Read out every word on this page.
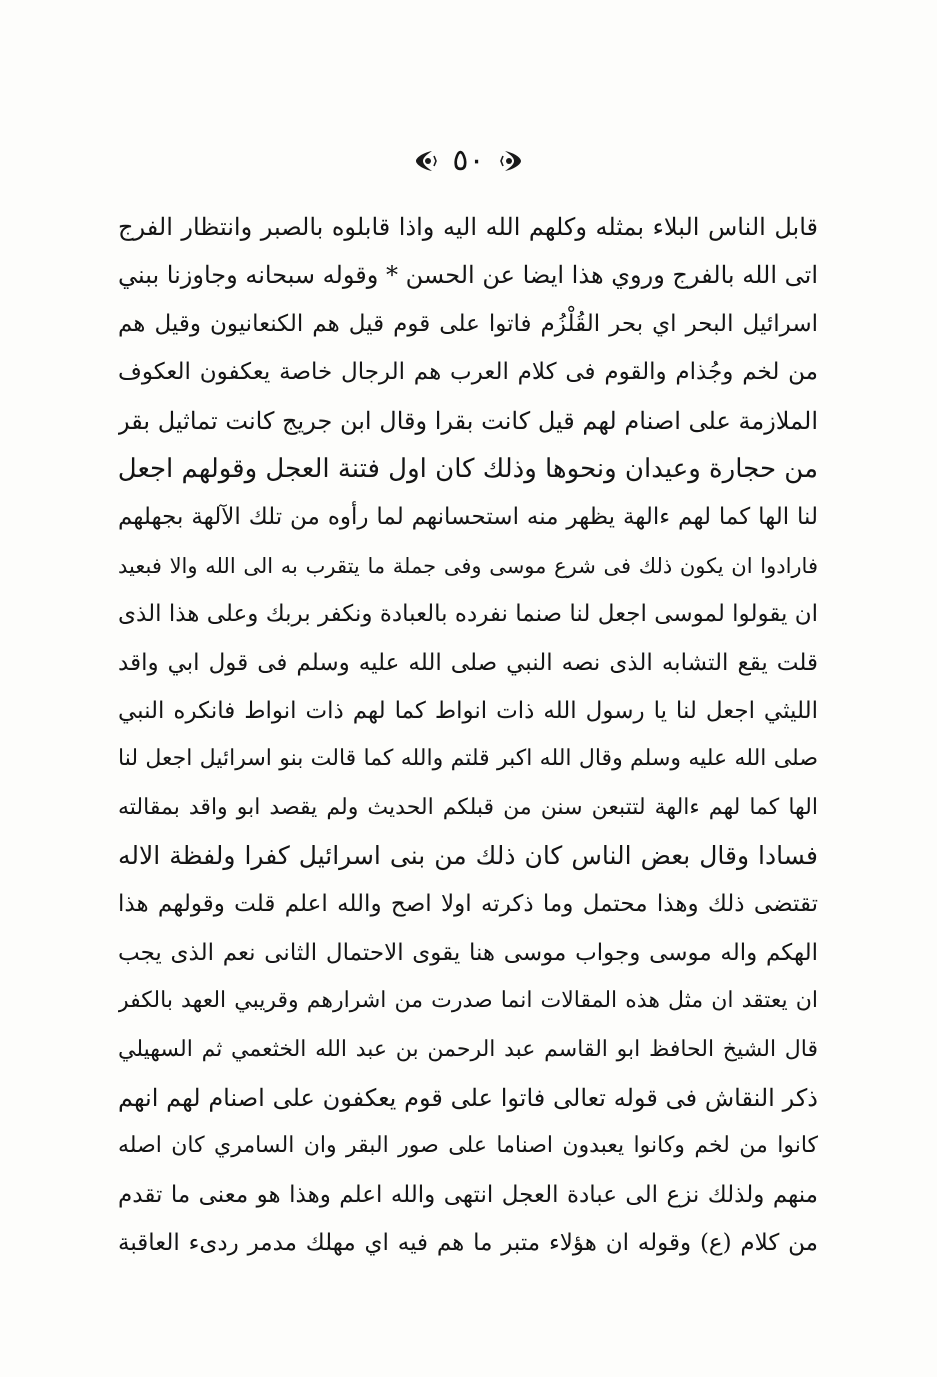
٥٠
قابل الناس البلاء بمثله وكلهم الله اليه واذا قابلوه بالصبر وانتظار الفرج
اتى الله بالفرج وروي هذا ايضا عن الحسن * وقوله سبحانه وجاوزنا ببني
اسرائيل البحر اي بحر القُلْزُم فاتوا على قوم قيل هم الكنعانيون وقيل هم
من لخم وجُذام والقوم فى كلام العرب هم الرجال خاصة يعكفون العكوف
الملازمة على اصنام لهم قيل كانت بقرا وقال ابن جريج كانت تماثيل بقر
من حجارة وعيدان ونحوها وذلك كان اول فتنة العجل وقولهم اجعل
لنا الها كما لهم ءالهة يظهر منه استحسانهم لما رأوه من تلك الآلهة بجهلهم
فارادوا ان يكون ذلك فى شرع موسى وفى جملة ما يتقرب به الى الله والا فبعيد
ان يقولوا لموسى اجعل لنا صنما نفرده بالعبادة ونكفر بربك وعلى هذا الذى
قلت يقع التشابه الذى نصه النبي صلى الله عليه وسلم فى قول ابي واقد
الليثي اجعل لنا يا رسول الله ذات انواط كما لهم ذات انواط فانكره النبي
صلى الله عليه وسلم وقال الله اكبر قلتم والله كما قالت بنو اسرائيل اجعل لنا
الها كما لهم ءالهة لتتبعن سنن من قبلكم الحديث ولم يقصد ابو واقد بمقالته
فسادا وقال بعض الناس كان ذلك من بنى اسرائيل كفرا ولفظة الاله
تقتضى ذلك وهذا محتمل وما ذكرته اولا اصح والله اعلم قلت وقولهم هذا
الهكم واله موسى وجواب موسى هنا يقوى الاحتمال الثانى نعم الذى يجب
ان يعتقد ان مثل هذه المقالات انما صدرت من اشرارهم وقريبي العهد بالكفر
قال الشيخ الحافظ ابو القاسم عبد الرحمن بن عبد الله الخثعمي ثم السهيلي
ذكر النقاش فى قوله تعالى فاتوا على قوم يعكفون على اصنام لهم انهم
كانوا من لخم وكانوا يعبدون اصناما على صور البقر وان السامري كان اصله
منهم ولذلك نزع الى عبادة العجل انتهى والله اعلم وهذا هو معنى ما تقدم
من كلام (ع) وقوله ان هؤلاء متبر ما هم فيه اي مهلك مدمر ردىء العاقبة
